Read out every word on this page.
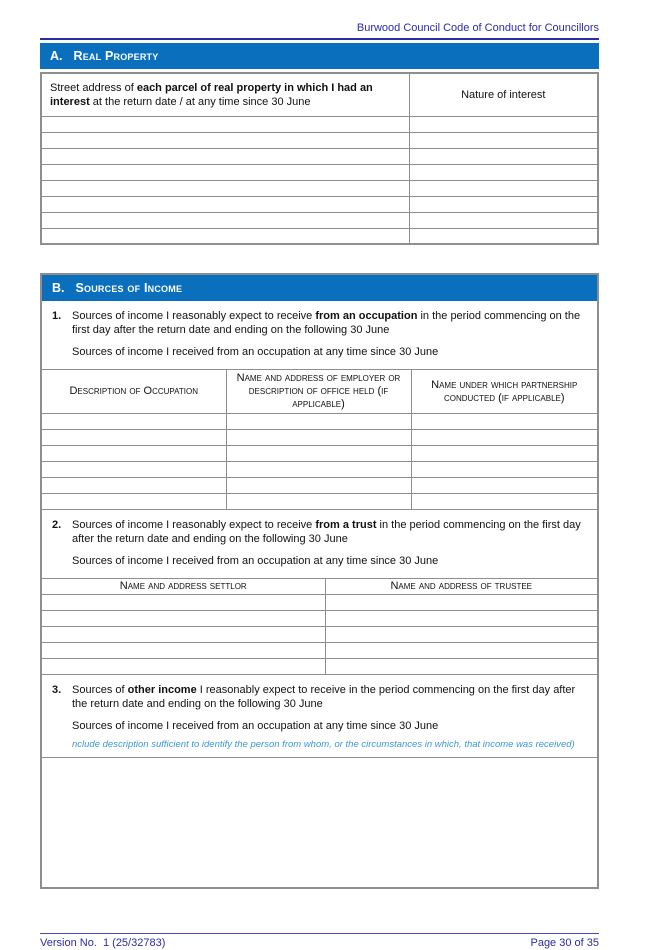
Burwood Council Code of Conduct for Councillors
A. Real Property
Street address of each parcel of real property in which I had an interest at the return date / at any time since 30 June	Nature of interest

B. Sources of Income
1. Sources of income I reasonably expect to receive from an occupation in the period commencing on the first day after the return date and ending on the following 30 June
Sources of income I received from an occupation at any time since 30 June
Description of Occupation	Name and address of employer or description of office held (if applicable)	Name under which partnership conducted (if applicable)

2. Sources of income I reasonably expect to receive from a trust in the period commencing on the first day after the return date and ending on the following 30 June
Sources of income I received from an occupation at any time since 30 June
Name and address settlor	Name and address of trustee

3. Sources of other income I reasonably expect to receive in the period commencing on the first day after the return date and ending on the following 30 June
Sources of income I received from an occupation at any time since 30 June
nclude description sufficient to identify the person from whom, or the circumstances in which, that income was received)
Version No.  1 (25/32783)	Page 30 of 35
